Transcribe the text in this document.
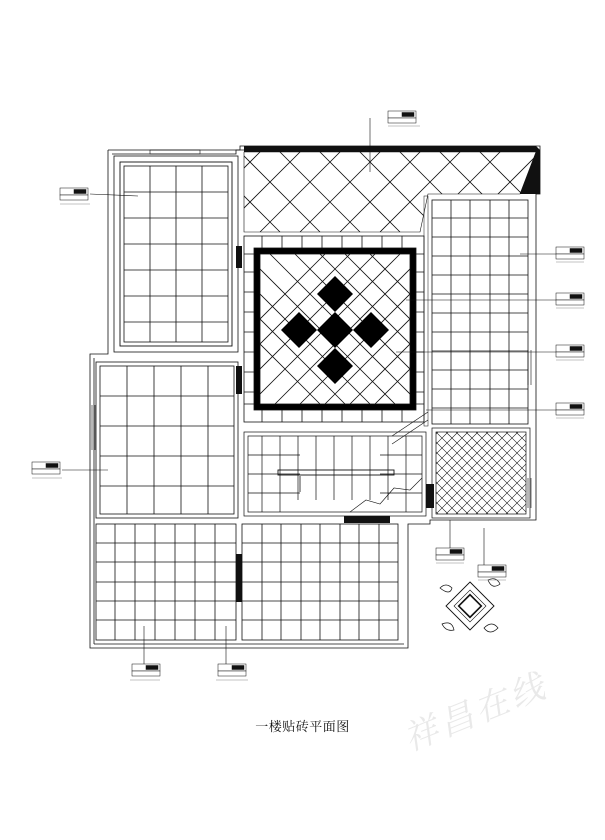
一楼贴砖平面图	祥昌在线
